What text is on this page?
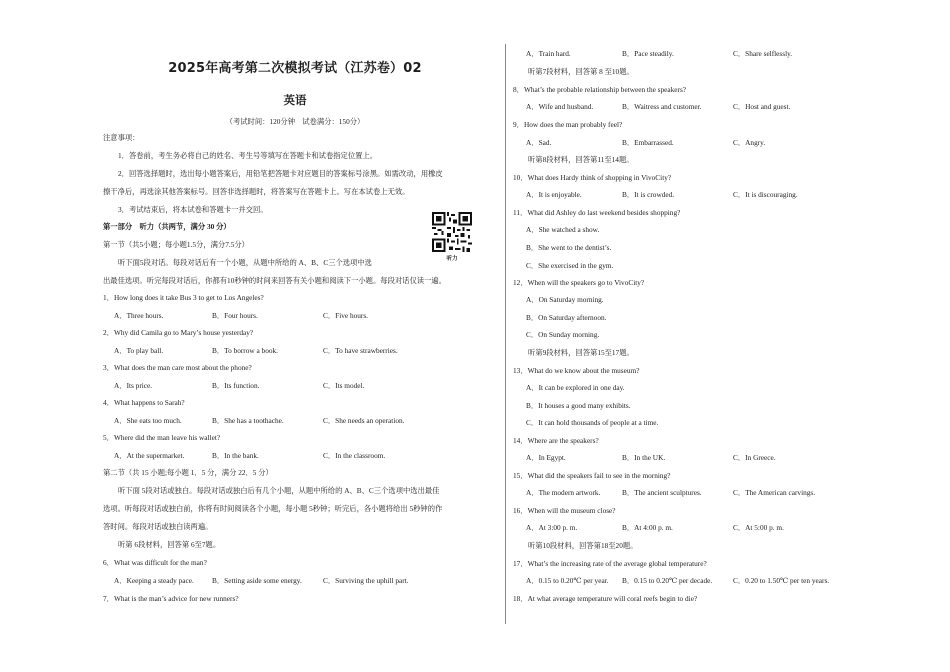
2025年高考第二次模拟考试（江苏卷）02
英语
（考试时间：120分钟　试卷满分：150分）
注意事项：
1．答卷前，考生务必将自己的姓名、考生号等填写在答题卡和试卷指定位置上。
2．回答选择题时，选出每小题答案后，用铅笔把答题卡对应题目的答案标号涂黑。如需改动，用橡皮
擦干净后，再选涂其他答案标号。回答非选择题时，将答案写在答题卡上。写在本试卷上无效。
3．考试结束后，将本试卷和答题卡一并交回。
第一部分　听力（共两节，满分 30 分）
听力
第一节（共5小题；每小题1.5分，满分7.5分）
听下面5段对话。每段对话后有一个小题，从题中所给的 A、B、C三个选项中选
出最佳选项。听完每段对话后，你都有10秒钟的时间来回答有关小题和阅读下一小题。每段对话仅读一遍。
1．How long does it take Bus 3 to get to Los Angeles?
A．Three hours.	B．Four hours.	C．Five hours.
2．Why did Camila go to Mary’s house yesterday?
A．To play ball.	B．To borrow a book.	C．To have strawberries.
3．What does the man care most about the phone?
A．Its price.	B．Its function.	C．Its model.
4．What happens to Sarah?
A．She eats too much.	B．She has a toothache.	C．She needs an operation.
5．Where did the man leave his wallet?
A．At the supermarket.	B．In the bank.	C．In the classroom.
第二节（共 15 小题;每小题 1．5 分，满分 22．5 分）
听下面 5段对话或独白。每段对话或独白后有几个小题，从题中所给的 A、B、C三个选项中选出最佳
选项。听每段对话或独白前，你将有时间阅读各个小题，每小题 5秒钟；听完后，各小题将给出 5秒钟的作
答时间。每段对话或独白读两遍。
听第 6段材料，回答第 6至7题。
6．What was difficult for the man?
A．Keeping a steady pace. B．Setting aside some energy.	C．Surviving the uphill part.
7．What is the man’s advice for new runners?
A．Train hard.	B．Pace steadily.	C．Share selflessly.
听第7段材料，回答第 8 至10题。
8．What’s the probable relationship between the speakers?
A．Wife and husband.	B．Waitress and customer.	C．Host and guest.
9．How does the man probably feel?
A．Sad.	B．Embarrassed.	C．Angry.
听第8段材料，回答第11至14题。
10．What does Hardy think of shopping in VivoCity?
A．It is enjoyable.	B．It is crowded.	C．It is discouraging.
11．What did Ashley do last weekend besides shopping?
A．She watched a show.
B．She went to the dentist’s.
C．She exercised in the gym.
12．When will the speakers go to VivoCity?
A．On Saturday morning.
B．On Saturday afternoon.
C．On Sunday morning.
听第9段材料，回答第15至17题。
13．What do we know about the museum?
A．It can be explored in one day.
B．It houses a good many exhibits.
C．It can hold thousands of people at a time.
14．Where are the speakers?
A．In Egypt.	B．In the UK.	C．In Greece.
15．What did the speakers fail to see in the morning?
A．The modern artwork.	B．The ancient sculptures.	C．The American carvings.
16．When will the museum close?
A．At 3:00 p. m.	B．At 4:00 p. m.	C．At 5:00 p. m.
听第10段材料，回答第18至20题。
17．What’s the increasing rate of the average global temperature?
A．0.15 to 0.20℃ per year. B．0.15 to 0.20℃ per decade.	C．0.20 to 1.50℃ per ten years.
18．At what average temperature will coral reefs begin to die?
